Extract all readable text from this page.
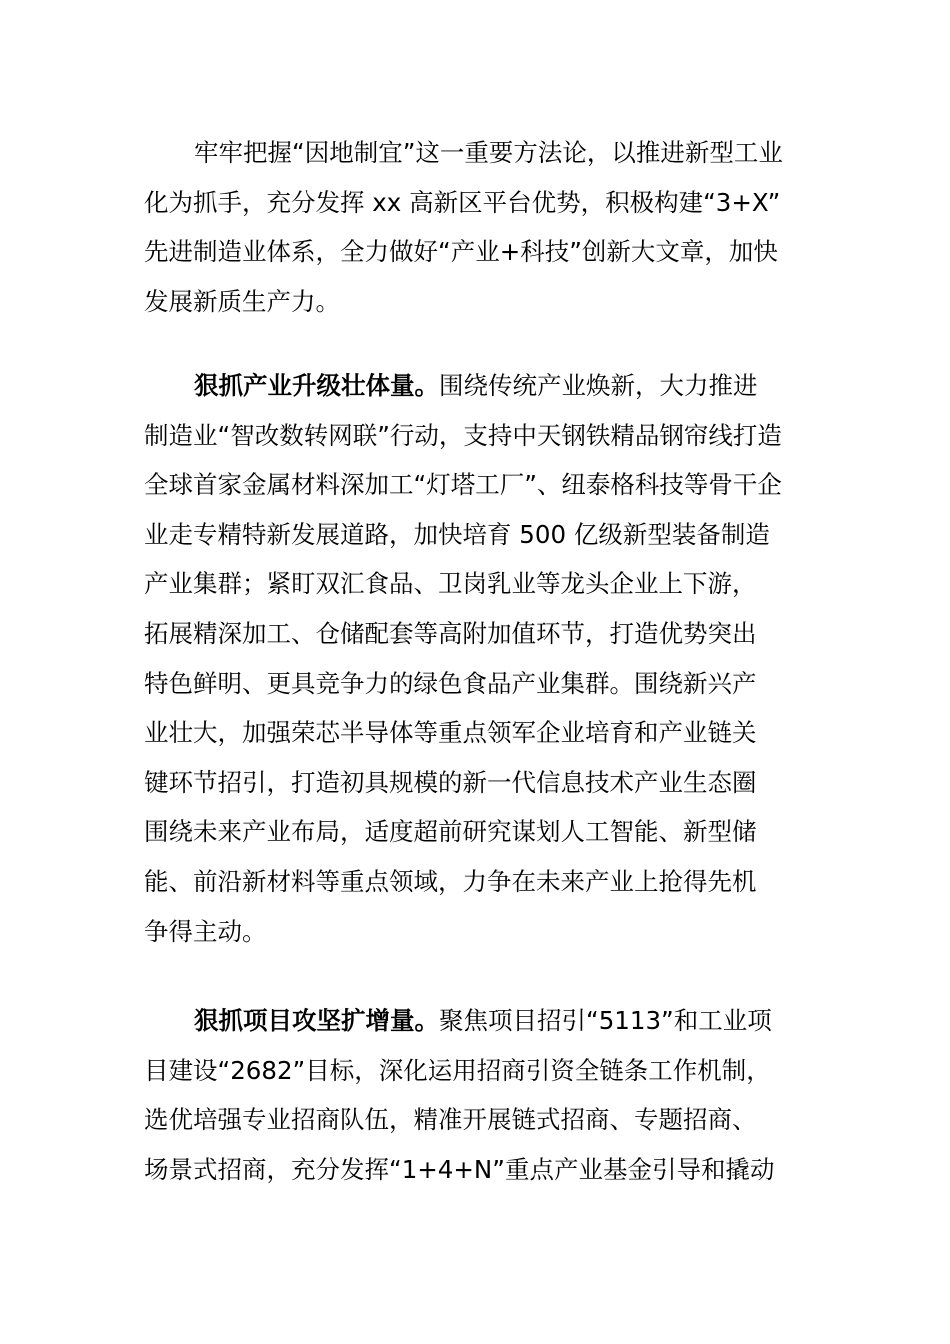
牢牢把握“因地制宜”这一重要方法论，以推进新型工业
化为抓手，充分发挥 xx 高新区平台优势，积极构建“3+X”
先进制造业体系，全力做好“产业+科技”创新大文章，加快
发展新质生产力。
狠抓产业升级壮体量。围绕传统产业焕新，大力推进
制造业“智改数转网联”行动，支持中天钢铁精品钢帘线打造
全球首家金属材料深加工“灯塔工厂”、纽泰格科技等骨干企
业走专精特新发展道路，加快培育 500 亿级新型装备制造
产业集群；紧盯双汇食品、卫岗乳业等龙头企业上下游，
拓展精深加工、仓储配套等高附加值环节，打造优势突出
特色鲜明、更具竞争力的绿色食品产业集群。围绕新兴产
业壮大，加强荣芯半导体等重点领军企业培育和产业链关
键环节招引，打造初具规模的新一代信息技术产业生态圈
围绕未来产业布局，适度超前研究谋划人工智能、新型储
能、前沿新材料等重点领域，力争在未来产业上抢得先机
争得主动。
狠抓项目攻坚扩增量。聚焦项目招引“5113”和工业项
目建设“2682”目标，深化运用招商引资全链条工作机制，
选优培强专业招商队伍，精准开展链式招商、专题招商、
场景式招商，充分发挥“1+4+N”重点产业基金引导和撬动
